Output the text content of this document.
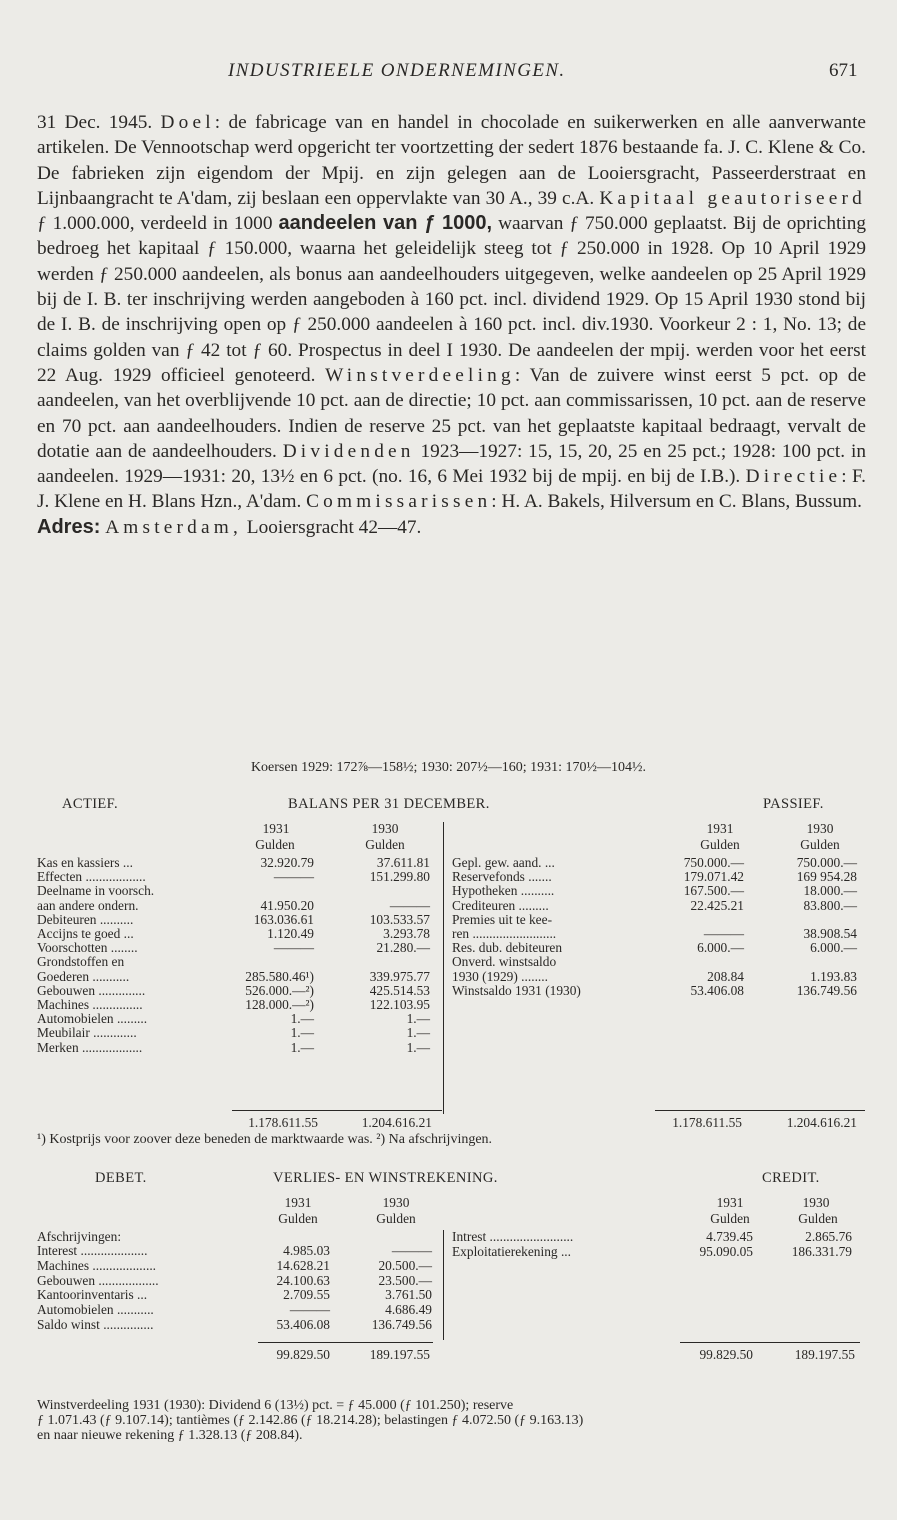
INDUSTRIEELE ONDERNEMINGEN.	671

31 Dec. 1945. Doel: de fabricage van en handel in chocolade en suikerwerken en alle aanverwante artikelen. De Vennootschap werd opgericht ter voortzetting der sedert 1876 bestaande fa. J. C. Klene & Co. De fabrieken zijn eigendom der Mpij. en zijn gelegen aan de Looiersgracht, Passeerderstraat en Lijnbaangracht te A'dam, zij beslaan een oppervlakte van 30 A., 39 c.A. Kapitaal geautoriseerd ƒ 1.000.000, verdeeld in 1000 aandeelen van ƒ 1000, waarvan ƒ 750.000 geplaatst. Bij de oprichting bedroeg het kapitaal ƒ 150.000, waarna het geleidelijk steeg tot ƒ 250.000 in 1928. Op 10 April 1929 werden ƒ 250.000 aandeelen, als bonus aan aandeelhouders uitgegeven, welke aandeelen op 25 April 1929 bij de I. B. ter inschrijving werden aangeboden à 160 pct. incl. dividend 1929. Op 15 April 1930 stond bij de I. B. de inschrijving open op ƒ 250.000 aandeelen à 160 pct. incl. div.1930. Voorkeur 2 : 1, No. 13; de claims golden van ƒ 42 tot ƒ 60. Prospectus in deel I 1930. De aandeelen der mpij. werden voor het eerst 22 Aug. 1929 officieel genoteerd. Winstverdeeling: Van de zuivere winst eerst 5 pct. op de aandeelen, van het overblijvende 10 pct. aan de directie; 10 pct. aan commissarissen, 10 pct. aan de reserve en 70 pct. aan aandeelhouders. Indien de reserve 25 pct. van het geplaatste kapitaal bedraagt, vervalt de dotatie aan de aandeelhouders. Dividenden 1923—1927: 15, 15, 20, 25 en 25 pct.; 1928: 100 pct. in aandeelen. 1929—1931: 20, 13½ en 6 pct. (no. 16, 6 Mei 1932 bij de mpij. en bij de I.B.). Directie: F. J. Klene en H. Blans Hzn., A'dam. Commissarissen: H. A. Bakels, Hilversum en C. Blans, Bussum.

Adres: Amsterdam, Looiersgracht 42—47.

Koersen 1929: 172⅞—158½; 1930: 207½—160; 1931: 170½—104½.
ACTIEF.	BALANS PER 31 DECEMBER.	PASSIEF.
1931	1930
Gulden	Gulden
1931	1930
Gulden	Gulden
Kas en kassiers ...	32.920.79	37.611.81
Effecten ..................	———	151.299.80
Deelname in voorsch.
aan andere ondern.	41.950.20	———
Debiteuren ..........	163.036.61	103.533.57
Accijns te goed ...	1.120.49	3.293.78
Voorschotten ........	———	21.280.—
Grondstoffen en
Goederen ...........	285.580.46¹)	339.975.77
Gebouwen ..............	526.000.—²)	425.514.53
Machines ...............	128.000.—²)	122.103.95
Automobielen .........	1.—	1.—
Meubilair .............	1.—	1.—
Merken ..................	1.—	1.—
Gepl. gew. aand. ...	750.000.—	750.000.—
Reservefonds .......	179.071.42	169 954.28
Hypotheken ..........	167.500.—	18.000.—
Crediteuren .........	22.425.21	83.800.—
Premies uit te kee-
ren .........................	———	38.908.54
Res. dub. debiteuren	6.000.—	6.000.—
Onverd. winstsaldo
1930 (1929) ........	208.84	1.193.83
Winstsaldo 1931 (1930)	53.406.08	136.749.56
1.178.611.55	1.204.616.21	1.178.611.55	1.204.616.21
¹) Kostprijs voor zoover deze beneden de marktwaarde was. ²) Na afschrijvingen.
DEBET.	VERLIES- EN WINSTREKENING.	CREDIT.
1931	1930
Gulden	Gulden
1931	1930
Gulden	Gulden
Afschrijvingen:
Interest ....................	4.985.03	———
Machines ...................	14.628.21	20.500.—
Gebouwen ..................	24.100.63	23.500.—
Kantoorinventaris ...	2.709.55	3.761.50
Automobielen ...........	———	4.686.49
Saldo winst ...............	53.406.08	136.749.56
Intrest .........................	4.739.45	2.865.76
Exploitatierekening ...	95.090.05	186.331.79
99.829.50	189.197.55	99.829.50	189.197.55
Winstverdeeling 1931 (1930): Dividend 6 (13½) pct. = ƒ 45.000 (ƒ 101.250); reserve
ƒ 1.071.43 (ƒ 9.107.14); tantièmes (ƒ 2.142.86 (ƒ 18.214.28); belastingen ƒ 4.072.50 (ƒ 9.163.13)
en naar nieuwe rekening ƒ 1.328.13 (ƒ 208.84).
